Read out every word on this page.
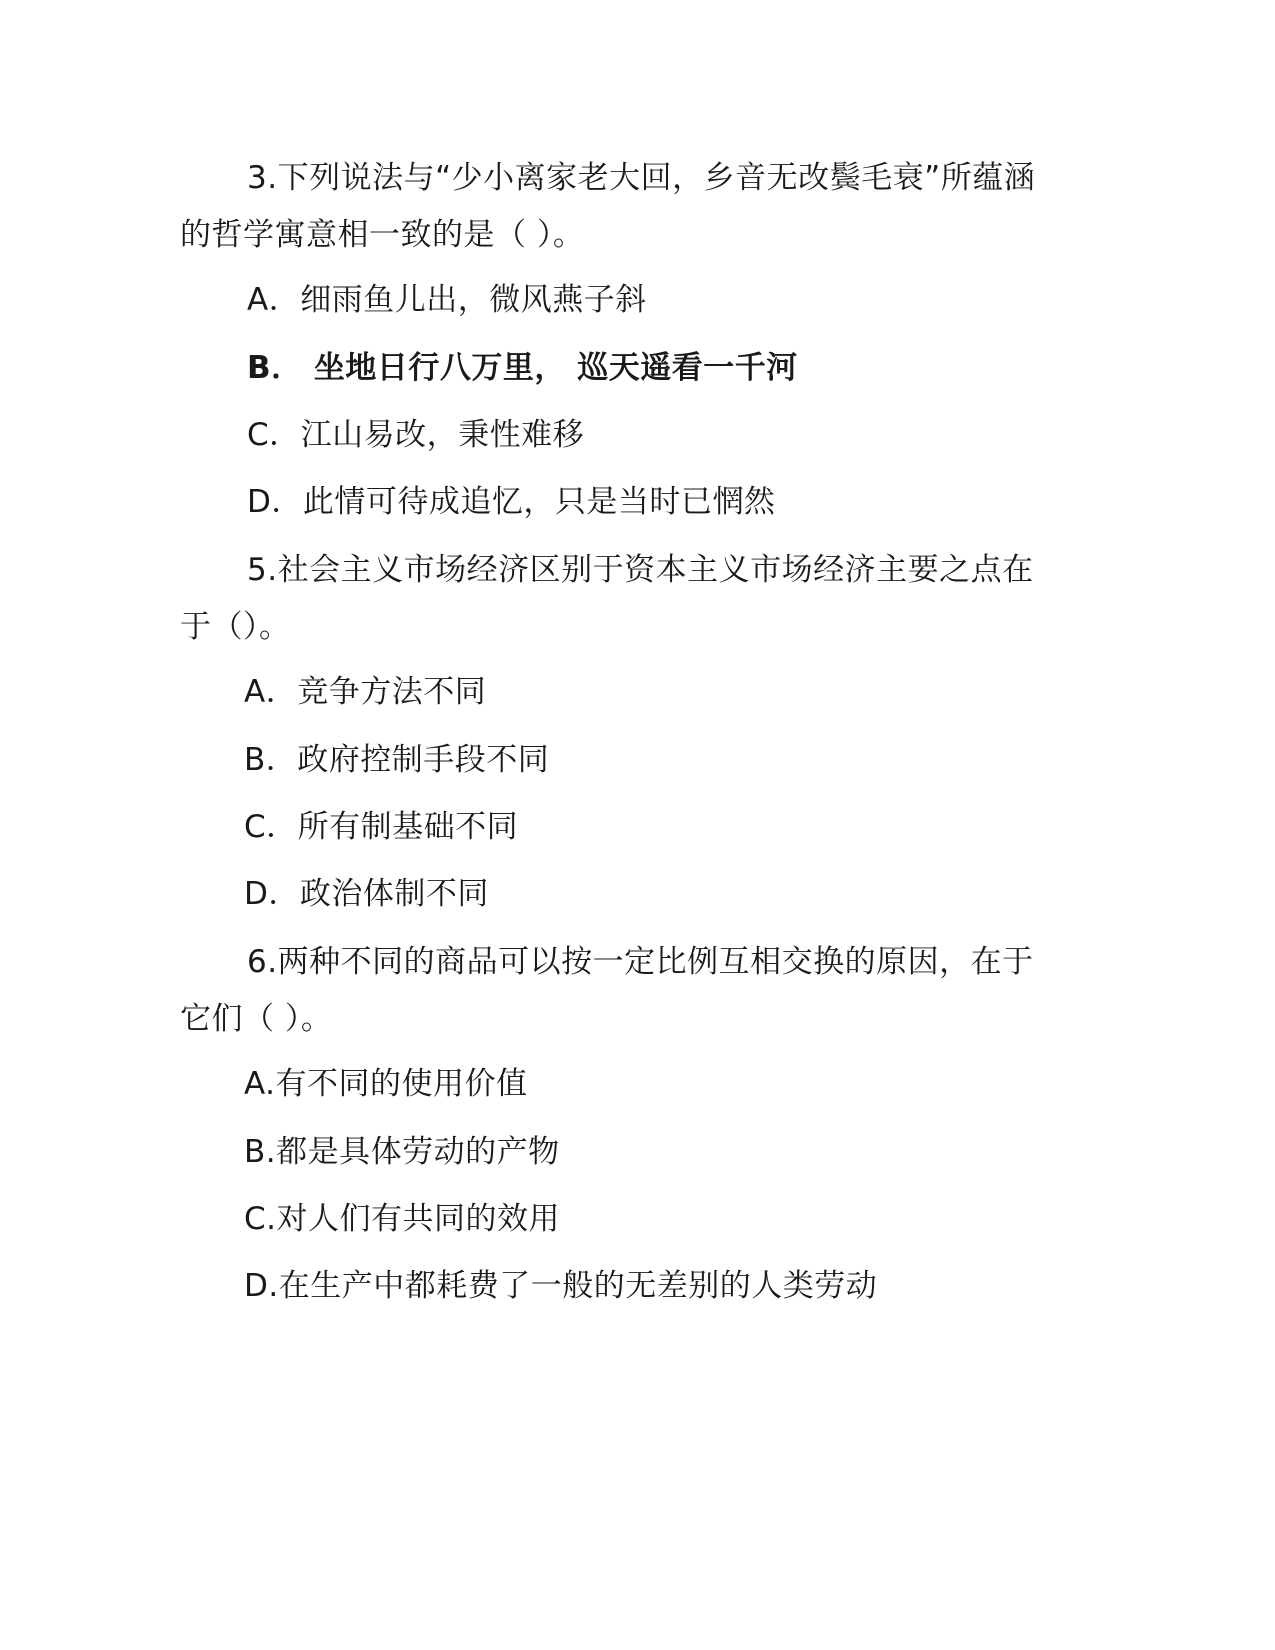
3.下列说法与“少小离家老大回，乡音无改鬓毛衰”所蕴涵
的哲学寓意相一致的是（ ）。
A．细雨鱼儿出，微风燕子斜
B． 坐地日行八万里， 巡天遥看一千河
C．江山易改，秉性难移
D．此情可待成追忆，只是当时已惘然
5.社会主义市场经济区别于资本主义市场经济主要之点在
于（）。
A．竞争方法不同
B．政府控制手段不同
C．所有制基础不同
D．政治体制不同
6.两种不同的商品可以按一定比例互相交换的原因，在于
它们（ ）。
A.有不同的使用价值
B.都是具体劳动的产物
C.对人们有共同的效用
D.在生产中都耗费了一般的无差别的人类劳动
